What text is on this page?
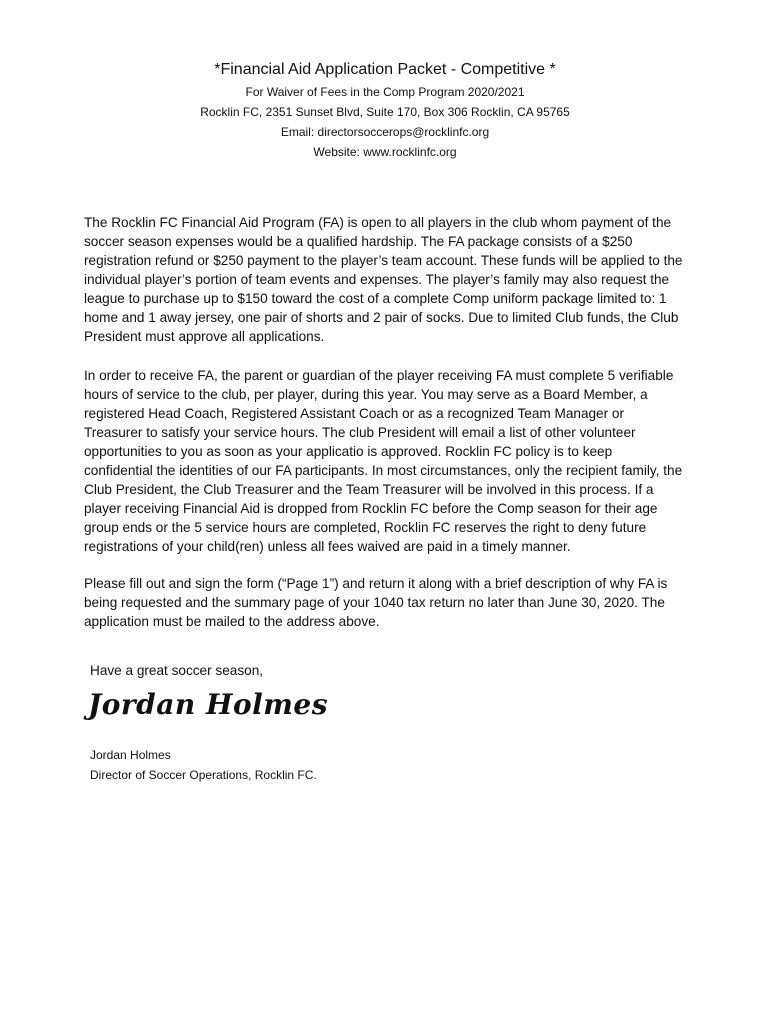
*Financial Aid Application Packet - Competitive *
For Waiver of Fees in the Comp Program 2020/2021
Rocklin FC, 2351 Sunset Blvd, Suite 170, Box 306 Rocklin, CA 95765
Email: directorsoccerops@rocklinfc.org
Website: www.rocklinfc.org

The Rocklin FC Financial Aid Program (FA) is open to all players in the club whom payment of the soccer season expenses would be a qualified hardship. The FA package consists of a $250 registration refund or $250 payment to the player’s team account. These funds will be applied to the individual player’s portion of team events and expenses. The player’s family may also request the league to purchase up to $150 toward the cost of a complete Comp uniform package limited to: 1 home and 1 away jersey, one pair of shorts and 2 pair of socks. Due to limited Club funds, the Club President must approve all applications.

In order to receive FA, the parent or guardian of the player receiving FA must complete 5 verifiable hours of service to the club, per player, during this year. You may serve as a Board Member, a registered Head Coach, Registered Assistant Coach or as a recognized Team Manager or Treasurer to satisfy your service hours. The club President will email a list of other volunteer opportunities to you as soon as your applicatio is approved. Rocklin FC policy is to keep confidential the identities of our FA participants. In most circumstances, only the recipient family, the Club President, the Club Treasurer and the Team Treasurer will be involved in this process. If a player receiving Financial Aid is dropped from Rocklin FC before the Comp season for their age group ends or the 5 service hours are completed, Rocklin FC reserves the right to deny future registrations of your child(ren) unless all fees waived are paid in a timely manner.

Please fill out and sign the form (“Page 1”) and return it along with a brief description of why FA is being requested and the summary page of your 1040 tax return no later than June 30, 2020. The application must be mailed to the address above.

Have a great soccer season,
Jordan Holmes
Jordan Holmes
Director of Soccer Operations, Rocklin FC.
